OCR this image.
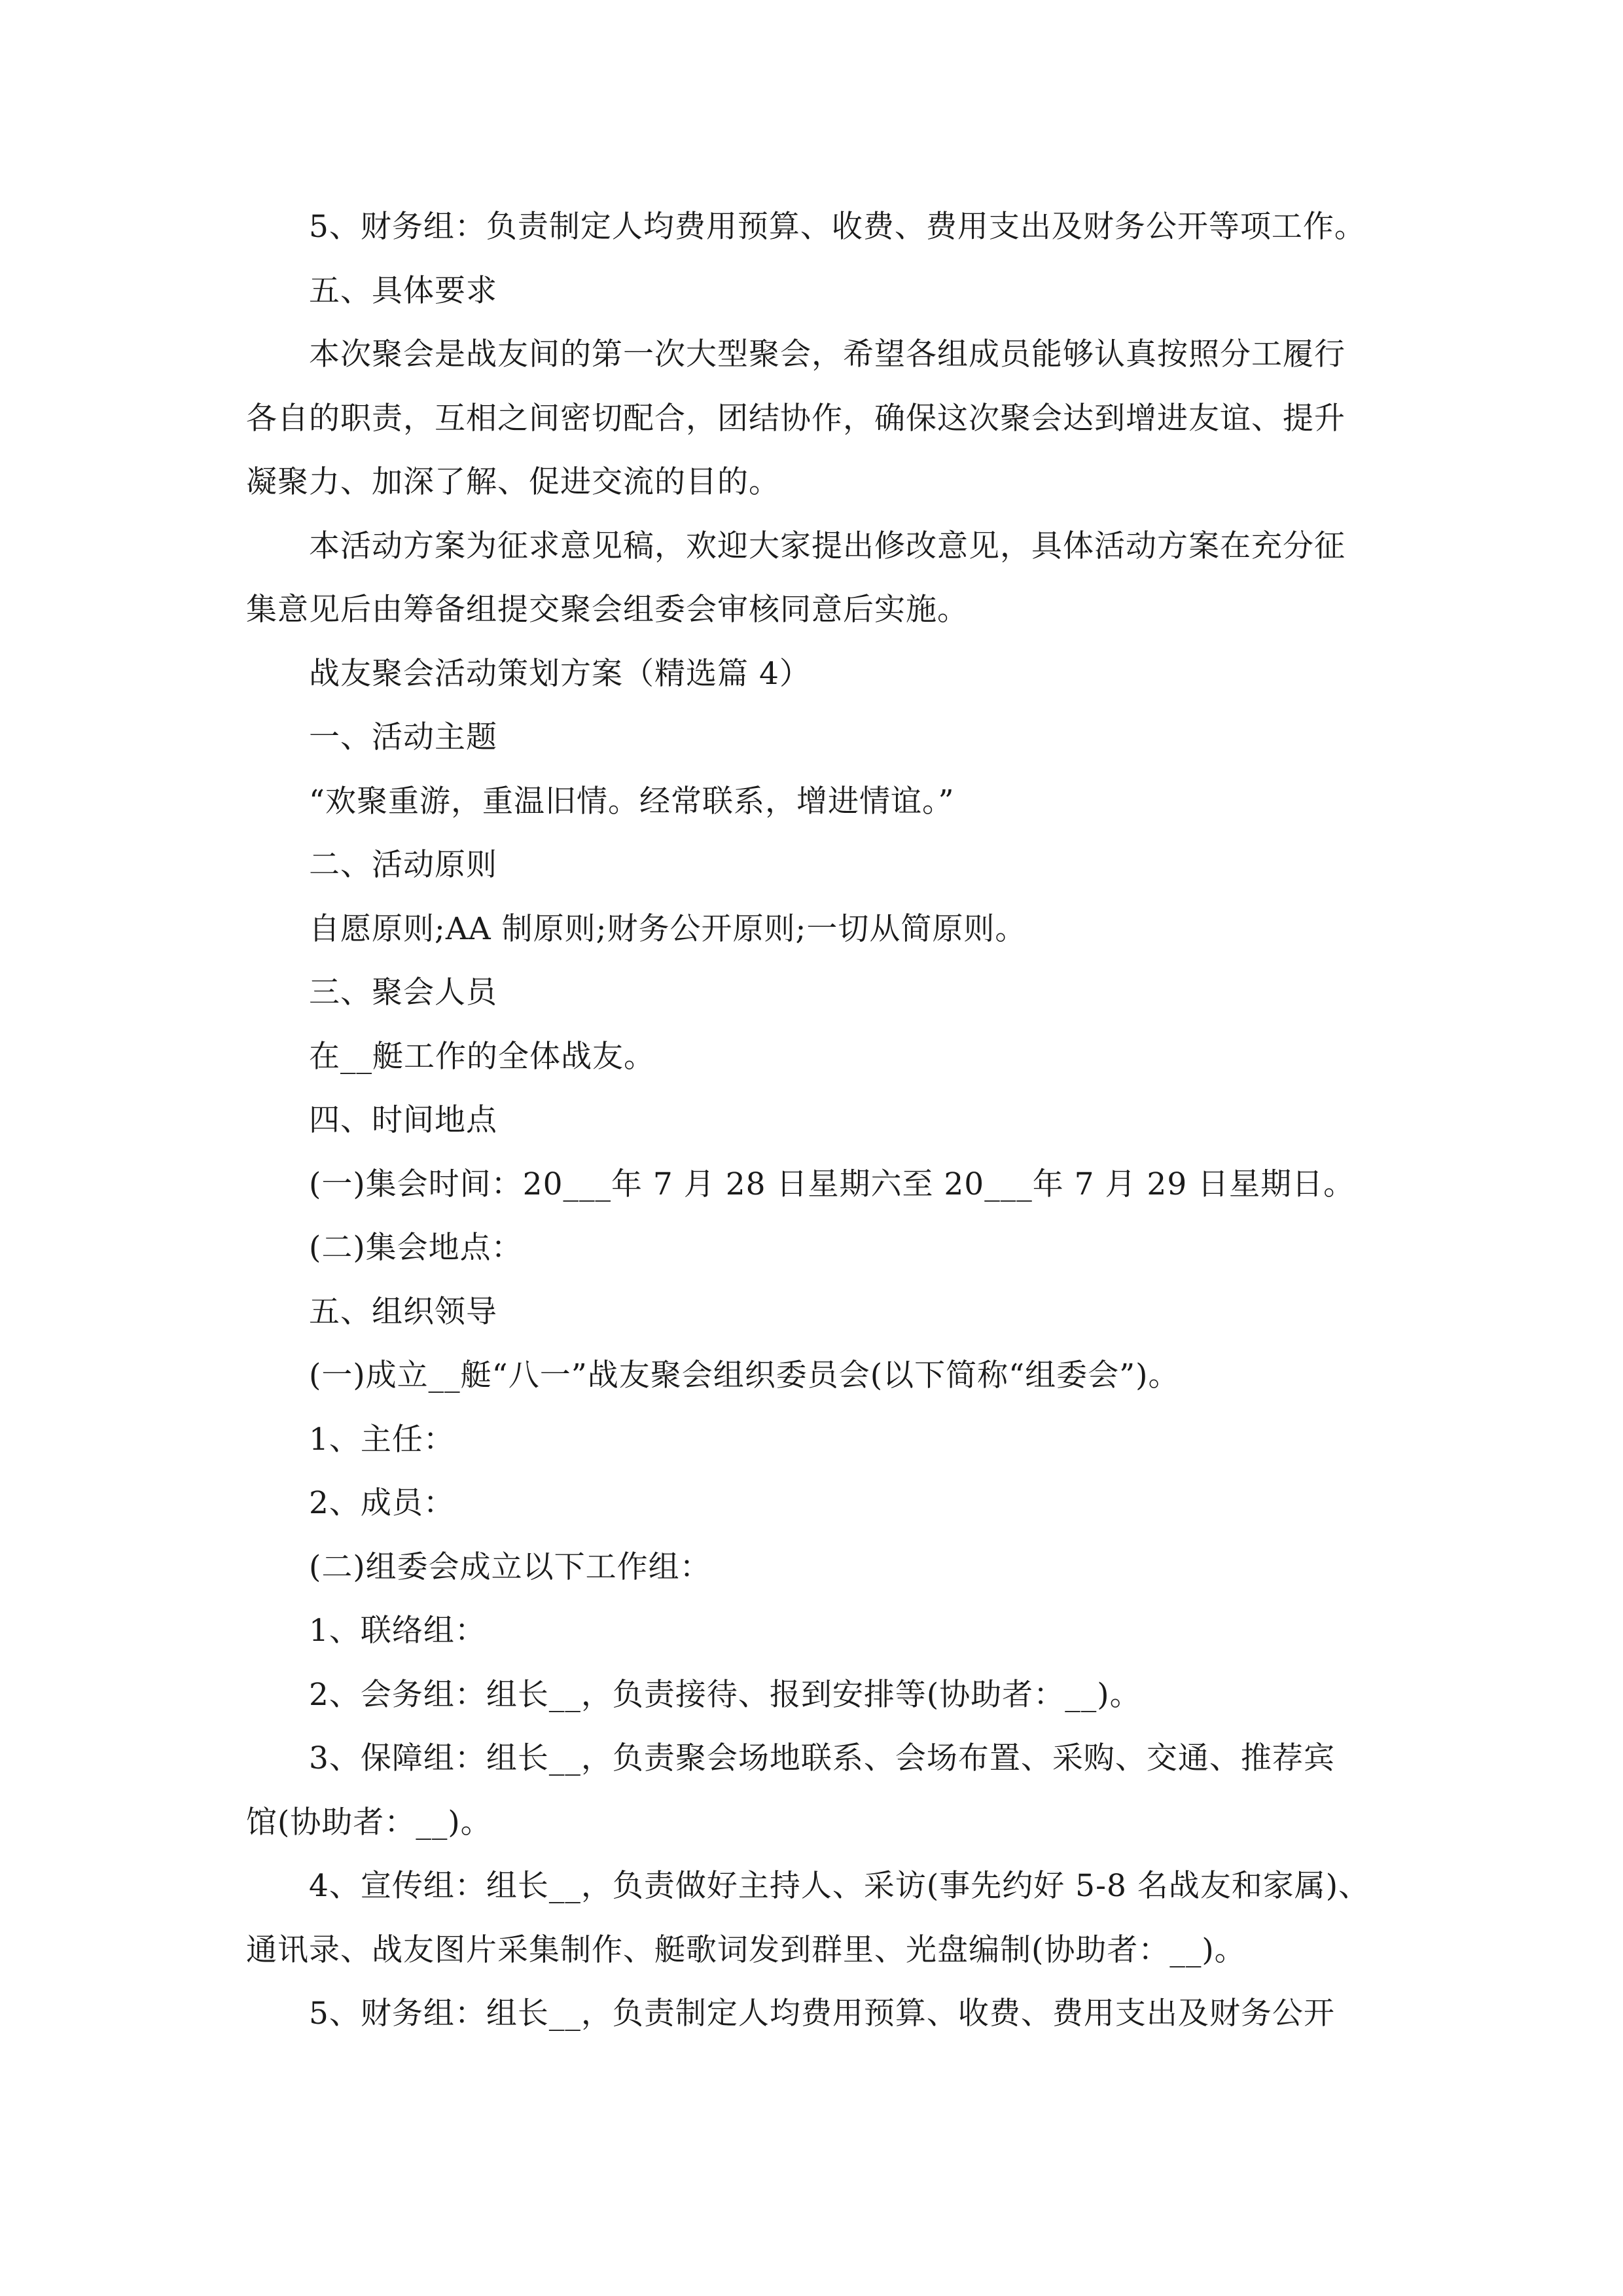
5、财务组：负责制定人均费用预算、收费、费用支出及财务公开等项工作。
五、具体要求
本次聚会是战友间的第一次大型聚会，希望各组成员能够认真按照分工履行
各自的职责，互相之间密切配合，团结协作，确保这次聚会达到增进友谊、提升
凝聚力、加深了解、促进交流的目的。
本活动方案为征求意见稿，欢迎大家提出修改意见，具体活动方案在充分征
集意见后由筹备组提交聚会组委会审核同意后实施。
战友聚会活动策划方案（精选篇 4）
一、活动主题
“欢聚重游，重温旧情。经常联系，增进情谊。”
二、活动原则
自愿原则;AA 制原则;财务公开原则;一切从简原则。
三、聚会人员
在__艇工作的全体战友。
四、时间地点
(一)集会时间：20___年 7 月 28 日星期六至 20___年 7 月 29 日星期日。
(二)集会地点：
五、组织领导
(一)成立__艇“八一”战友聚会组织委员会(以下简称“组委会”)。
1、主任：
2、成员：
(二)组委会成立以下工作组：
1、联络组：
2、会务组：组长__，负责接待、报到安排等(协助者：__)。
3、保障组：组长__，负责聚会场地联系、会场布置、采购、交通、推荐宾
馆(协助者：__)。
4、宣传组：组长__，负责做好主持人、采访(事先约好 5-8 名战友和家属)、
通讯录、战友图片采集制作、艇歌词发到群里、光盘编制(协助者：__)。
5、财务组：组长__，负责制定人均费用预算、收费、费用支出及财务公开
